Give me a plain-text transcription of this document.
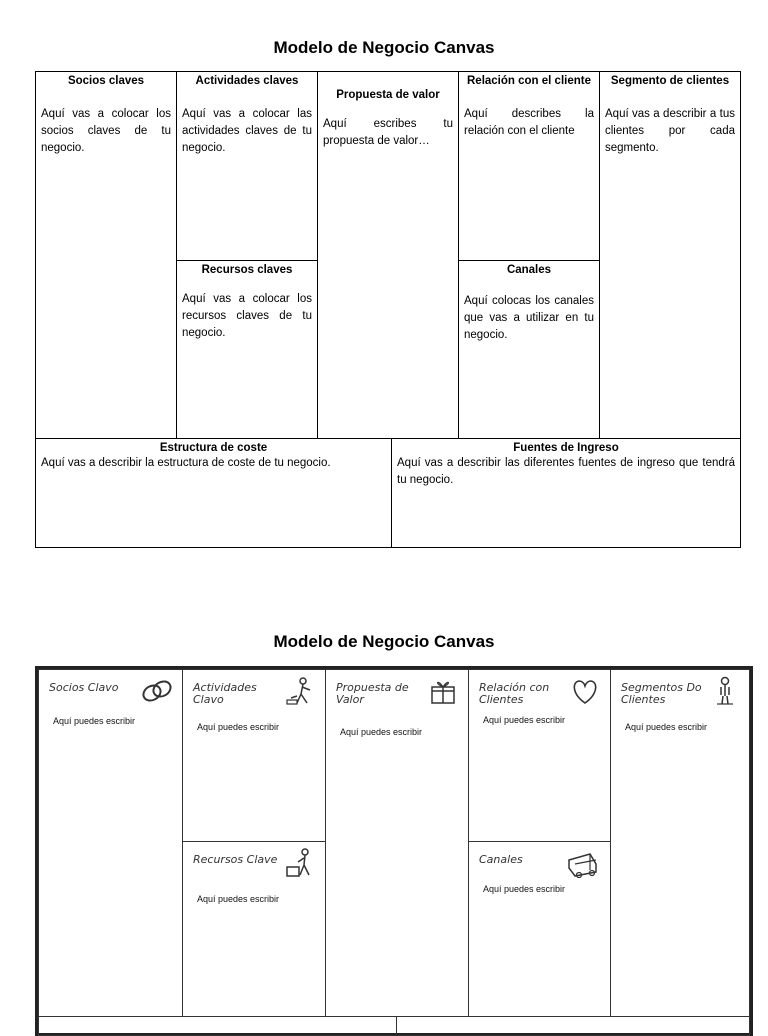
Modelo de Negocio Canvas
Socios claves
Aquí vas a colocar los socios claves de tu negocio.
Actividades claves
Aquí vas a colocar las actividades claves de tu negocio.
Recursos claves
Aquí vas a colocar los recursos claves de tu negocio.
Propuesta de valor
Aquí escribes tu propuesta de valor…
Relación con el cliente
Aquí describes la relación con el cliente
Canales
Aquí colocas los canales que vas a utilizar en tu negocio.
Segmento de clientes
Aquí vas a describir a tus clientes por cada segmento.
Estructura de coste
Aquí vas a describir la estructura de coste de tu negocio.
Fuentes de Ingreso
Aquí vas a describir las diferentes fuentes de ingreso que tendrá tu negocio.
Modelo de Negocio Canvas
Socios Clavo
Aquí puedes escribir
Actividades Clavo
Aquí puedes escribir
Recursos Clave
Aquí puedes escribir
Propuesta de Valor
Aquí puedes escribir
Relación con Clientes
Aquí puedes escribir
Canales
Aquí puedes escribir
Segmentos Do Clientes
Aquí puedes escribir
